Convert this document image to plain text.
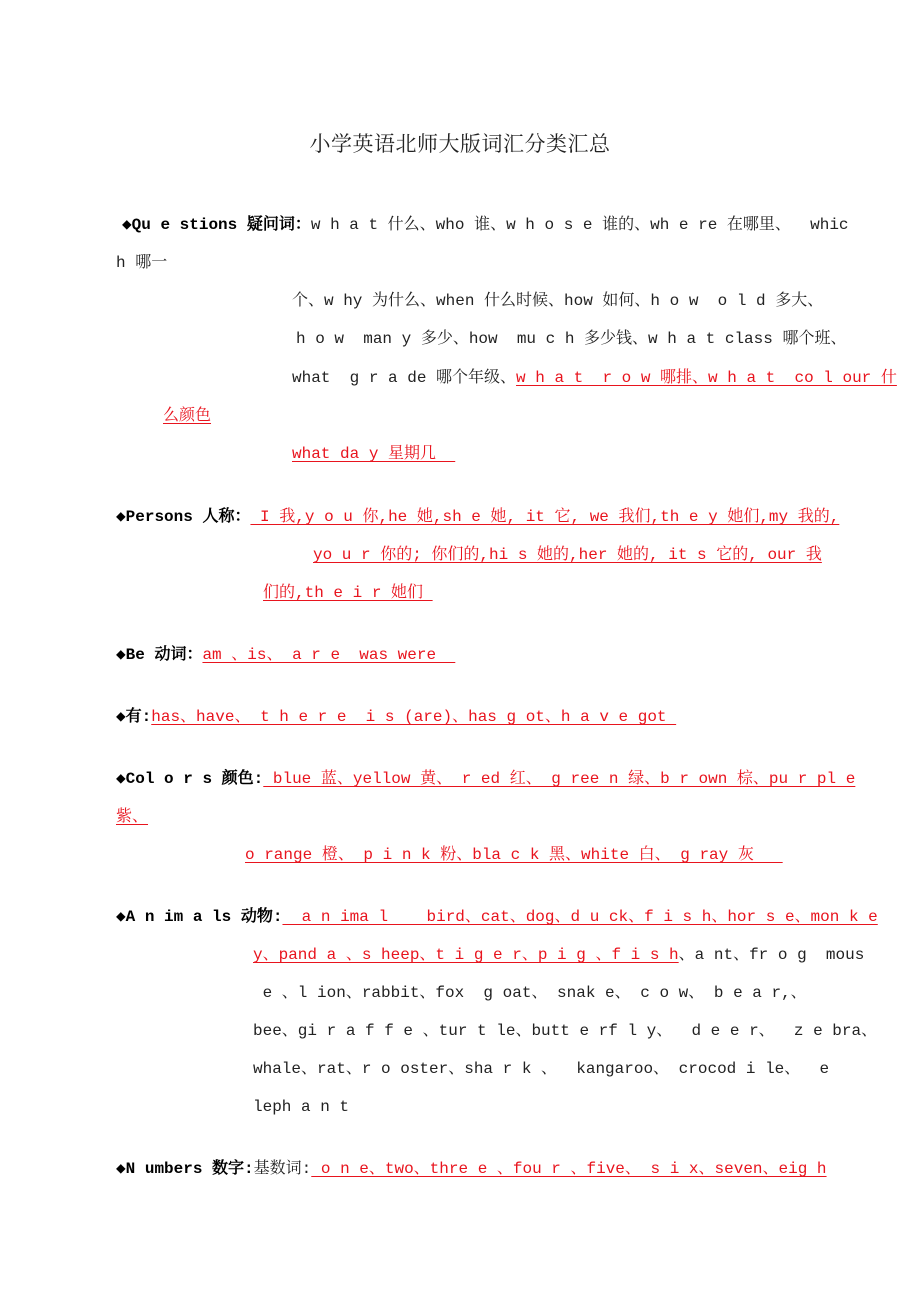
小学英语北师大版词汇分类汇总
◆Qu e stions 疑问词：w h a t 什么、who 谁、w h o s e 谁的、wh e re 在哪里、  whic
h 哪一
个、w hy 为什么、when 什么时候、how 如何、h o w  o l d 多大、
h o w  man y 多少、how  mu c h 多少钱、w h a t class 哪个班、
what  g r a de 哪个年级、w h a t  r o w 哪排、w h a t  co l our 什
么颜色
what da y 星期几
◆Persons 人称： I 我,y o u 你,he 她,sh e 她, it 它, we 我们,th e y 她们,my 我的,
yo u r 你的; 你们的,hi s 她的,her 她的, it s 它的, our 我
们的,th e i r 她们
◆Be 动词：am 、is、 a r e  was were
◆有:has、have、 t h e r e  i s (are)、has g ot、h a v e got
◆Col o r s 颜色: blue 蓝、yellow 黄、 r ed 红、 g ree n 绿、b r own 棕、pu r pl e
紫、
o range 橙、 p i n k 粉、bla c k 黑、white 白、 g ray 灰
◆A n im a ls 动物:  a n ima l    bird、cat、dog、d u ck、f i s h、hor s e、mon k e
y、pand a 、s heep、t i g e r、p i g 、f i s h、a nt、fr o g  mous
e 、l ion、rabbit、fox  g oat、 snak e、 c o w、 b e a r,、
bee、gi r a f f e 、tur t le、butt e rf l y、  d e e r、  z e bra、
whale、rat、r o oster、sha r k 、  kangaroo、 crocod i le、  e
leph a n t
◆N umbers 数字:基数词: o n e、two、thre e 、fou r 、five、 s i x、seven、eig h
